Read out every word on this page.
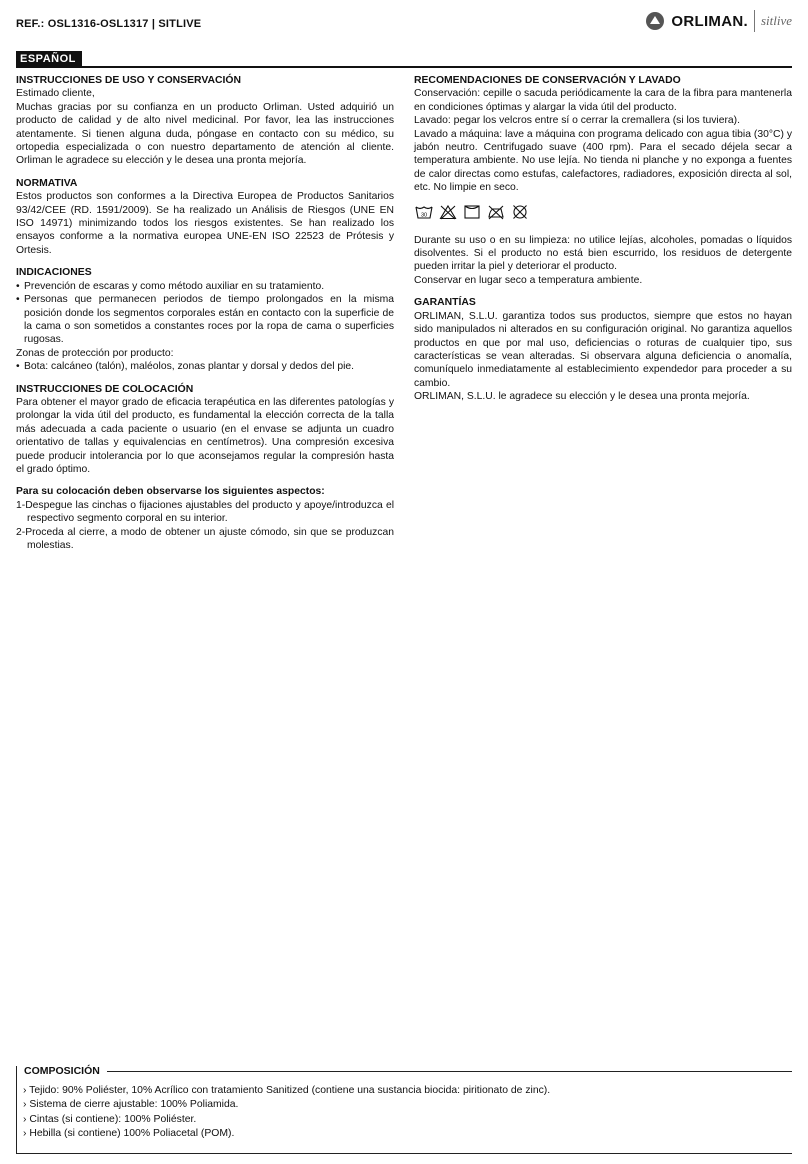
REF.: OSL1316-OSL1317 | SITLIVE	ORLIMAN. sitlive
ESPAÑOL
INSTRUCCIONES DE USO Y CONSERVACIÓN

Estimado cliente,

Muchas gracias por su confianza en un producto Orliman. Usted adquirió un producto de calidad y de alto nivel medicinal. Por favor, lea las instrucciones atentamente. Si tienen alguna duda, póngase en contacto con su médico, su ortopedia especializada o con nuestro departamento de atención al cliente. Orliman le agradece su elección y le desea una pronta mejoría.

NORMATIVA

Estos productos son conformes a la Directiva Europea de Productos Sanitarios 93/42/CEE (RD. 1591/2009). Se ha realizado un Análisis de Riesgos (UNE EN ISO 14971) minimizando todos los riesgos existentes. Se han realizado los ensayos conforme a la normativa europea UNE-EN ISO 22523 de Prótesis y Ortesis.

INDICACIONES
• Prevención de escaras y como método auxiliar en su tratamiento.
• Personas que permanecen periodos de tiempo prolongados en la misma posición donde los segmentos corporales están en contacto con la superficie de la cama o son sometidos a constantes roces por la ropa de cama o superficies rugosas.

Zonas de protección por producto:

• Bota: calcáneo (talón), maléolos, zonas plantar y dorsal y dedos del pie.
INSTRUCCIONES DE COLOCACIÓN

Para obtener el mayor grado de eficacia terapéutica en las diferentes patologías y prolongar la vida útil del producto, es fundamental la elección correcta de la talla más adecuada a cada paciente o usuario (en el envase se adjunta un cuadro orientativo de tallas y equivalencias en centímetros). Una compresión excesiva puede producir intolerancia por lo que aconsejamos regular la compresión hasta el grado óptimo.

Para su colocación deben observarse los siguientes aspectos:

1-Despegue las cinchas o fijaciones ajustables del producto y apoye/introduzca el respectivo segmento corporal en su interior.
2-Proceda al cierre, a modo de obtener un ajuste cómodo, sin que se produzcan molestias.
RECOMENDACIONES DE CONSERVACIÓN Y LAVADO

Conservación: cepille o sacuda periódicamente la cara de la fibra para mantenerla en condiciones óptimas y alargar la vida útil del producto.

Lavado: pegar los velcros entre sí o cerrar la cremallera (si los tuviera).

Lavado a máquina: lave a máquina con programa delicado con agua tibia (30°C) y jabón neutro. Centrifugado suave (400 rpm). Para el secado déjela secar a temperatura ambiente. No use lejía. No tienda ni planche y no exponga a fuentes de calor directas como estufas, calefactores, radiadores, exposición directa al sol, etc. No limpie en seco.

30

Durante su uso o en su limpieza: no utilice lejías, alcoholes, pomadas o líquidos disolventes. Si el producto no está bien escurrido, los residuos de detergente pueden irritar la piel y deteriorar el producto.

Conservar en lugar seco a temperatura ambiente.

GARANTÍAS

ORLIMAN, S.L.U. garantiza todos sus productos, siempre que estos no hayan sido manipulados ni alterados en su configuración original. No garantiza aquellos productos en que por mal uso, deficiencias o roturas de cualquier tipo, sus características se vean alteradas. Si observara alguna deficiencia o anomalía, comuníquelo inmediatamente al establecimiento expendedor para proceder a su cambio.

ORLIMAN, S.L.U. le agradece su elección y le desea una pronta mejoría.

COMPOSICIÓN
› Tejido: 90% Poliéster, 10% Acrílico con tratamiento Sanitized (contiene una sustancia biocida: piritionato de zinc).
› Sistema de cierre ajustable: 100% Poliamida.
› Cintas (si contiene): 100% Poliéster.
› Hebilla (si contiene) 100% Poliacetal (POM).
